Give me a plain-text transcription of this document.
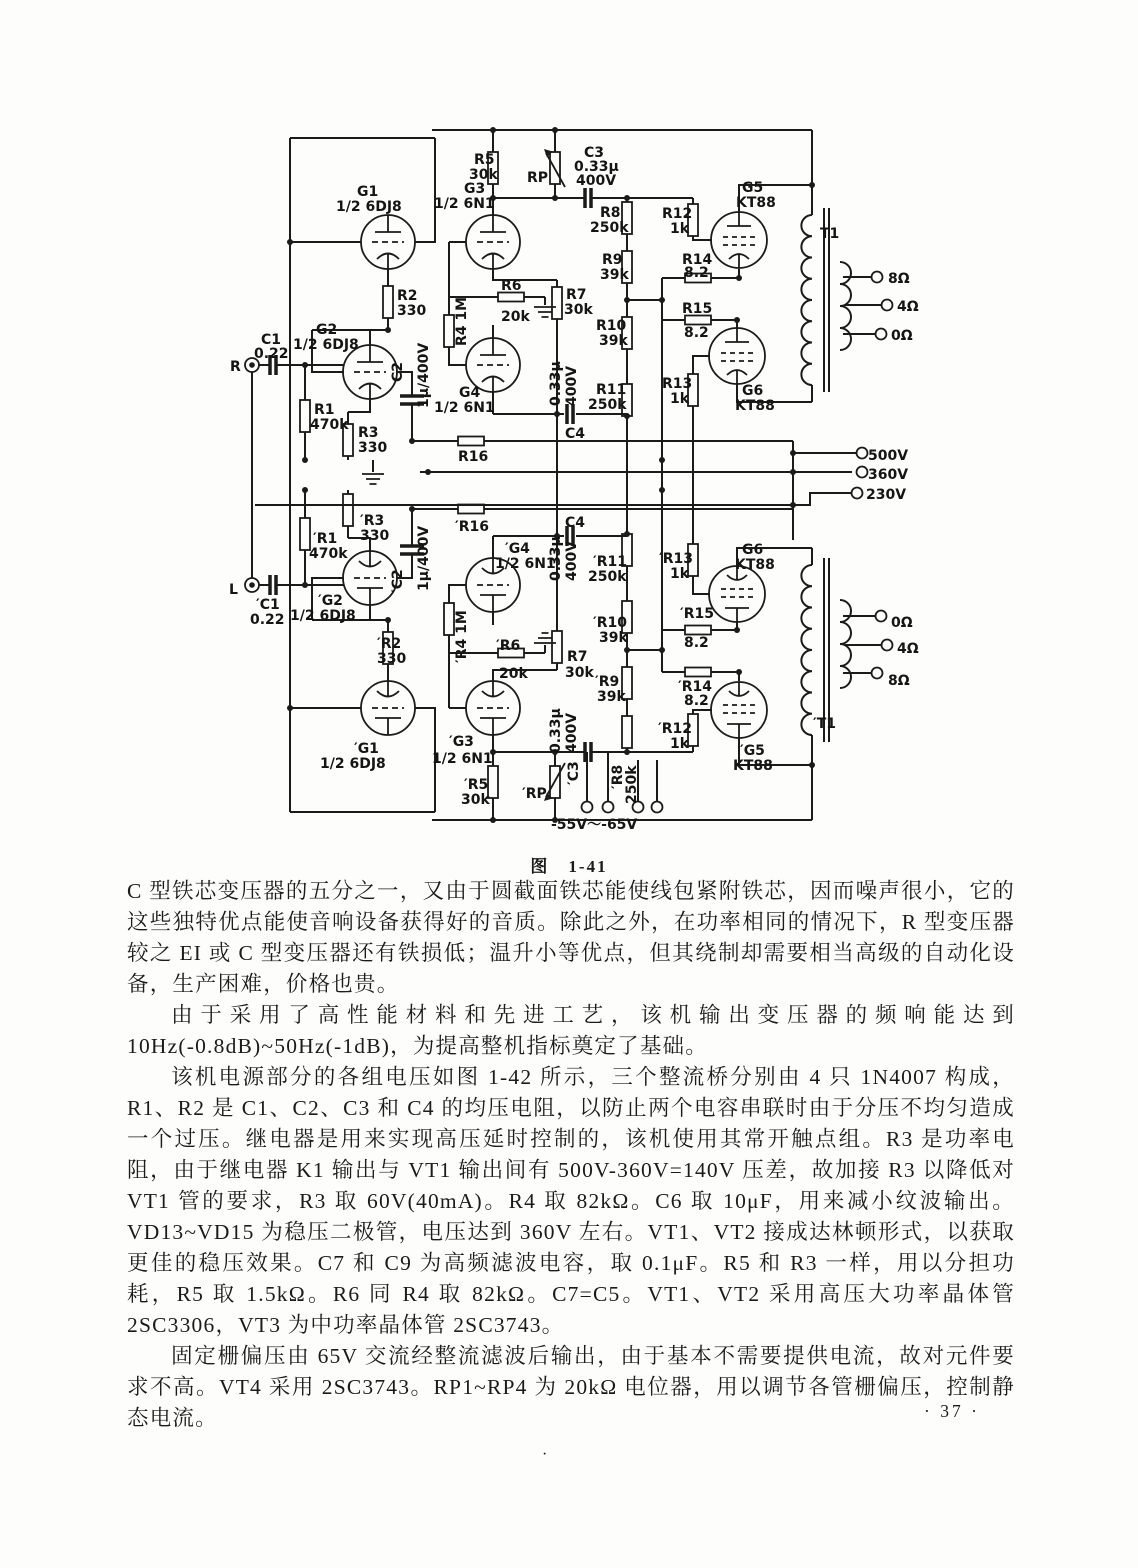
G1
1/2 6DJ8
G2
1/2 6DJ8
C1
0.22
R
R2
330
R1
470k R3
330
C2 1μ/400V
R4 1M
G3
1/2 6N1
R5
30k RP
C3
0.33μ
400V
R8
250k
R9
39k
R6
20k
R7
30k
R10
39k
R11
250k
G4
1/2 6N1
0.33μ 400V
C4
R16
R12
1k
R14
8.2
R15
8.2
R13
1k
G5
KT88
G6
KT88
T1
8Ω
4Ω
0Ω
500V
360V
230V
′R3
330
′R1
470k
′R16	C4
0.33μ 400V ′R11
250k
′R13
1k
G6
KT88
L
′C1
0.22
′G2
1/2 6DJ8
′C2 1μ/400V	′G4
1/2 6N1
′R2
330	′R4 1M ′R6
20k
R7
30k
′R10
39k
′R15
8.2
′R9
39k
′R14
8.2
′R12
1k
′G1
1/2 6DJ8
′G3
1/2 6N1
′R5
30k ′RP
′C3
0.33μ 400V
′R8
250k
′G5
KT88
′T1
0Ω
4Ω
8Ω
-55V～-65V
图　1-41

C 型铁芯变压器的五分之一，又由于圆截面铁芯能使线包紧附铁芯，因而噪声很小，它的这些独特优点能使音响设备获得好的音质。除此之外，在功率相同的情况下，R 型变压器较之 EI 或 C 型变压器还有铁损低；温升小等优点，但其绕制却需要相当高级的自动化设备，生产困难，价格也贵。

由于采用了高性能材料和先进工艺，该机输出变压器的频响能达到 10Hz(-0.8dB)~50Hz(-1dB)，为提高整机指标奠定了基础。

该机电源部分的各组电压如图 1-42 所示，三个整流桥分别由 4 只 1N4007 构成，R1、R2 是 C1、C2、C3 和 C4 的均压电阻，以防止两个电容串联时由于分压不均匀造成一个过压。继电器是用来实现高压延时控制的，该机使用其常开触点组。R3 是功率电阻，由于继电器 K1 输出与 VT1 输出间有 500V-360V=140V 压差，故加接 R3 以降低对 VT1 管的要求，R3 取 60V(40mA)。R4 取 82kΩ。C6 取 10μF，用来减小纹波输出。VD13~VD15 为稳压二极管，电压达到 360V 左右。VT1、VT2 接成达林顿形式，以获取更佳的稳压效果。C7 和 C9 为高频滤波电容，取 0.1μF。R5 和 R3 一样，用以分担功耗，R5 取 1.5kΩ。R6 同 R4 取 82kΩ。C7=C5。VT1、VT2 采用高压大功率晶体管 2SC3306，VT3 为中功率晶体管 2SC3743。

固定栅偏压由 65V 交流经整流滤波后输出，由于基本不需要提供电流，故对元件要求不高。VT4 采用 2SC3743。RP1~RP4 为 20kΩ 电位器，用以调节各管栅偏压，控制静态电流。	· 37 ·
·
